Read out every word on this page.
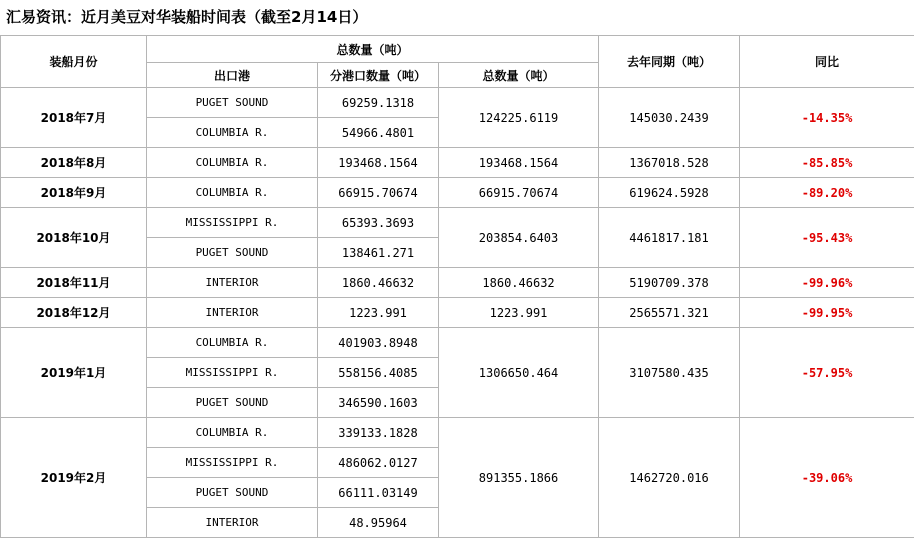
汇易资讯：近月美豆对华装船时间表（截至2月14日）
装船月份	总数量（吨）			去年同期（吨）	同比
	出口港	分港口数量（吨）	总数量（吨）		
2018年7月	PUGET SOUND	69259.1318	124225.6119	145030.2439	-14.35%
	COLUMBIA R.	54966.4801			
2018年8月	COLUMBIA R.	193468.1564	193468.1564	1367018.528	-85.85%
2018年9月	COLUMBIA R.	66915.70674	66915.70674	619624.5928	-89.20%
2018年10月	MISSISSIPPI R.	65393.3693	203854.6403	4461817.181	-95.43%
	PUGET SOUND	138461.271			
2018年11月	INTERIOR	1860.46632	1860.46632	5190709.378	-99.96%
2018年12月	INTERIOR	1223.991	1223.991	2565571.321	-99.95%
2019年1月	COLUMBIA R.	401903.8948	1306650.464	3107580.435	-57.95%
	MISSISSIPPI R.	558156.4085			
	PUGET SOUND	346590.1603			
2019年2月	COLUMBIA R.	339133.1828	891355.1866	1462720.016	-39.06%
	MISSISSIPPI R.	486062.0127			
	PUGET SOUND	66111.03149			
	INTERIOR	48.95964			
